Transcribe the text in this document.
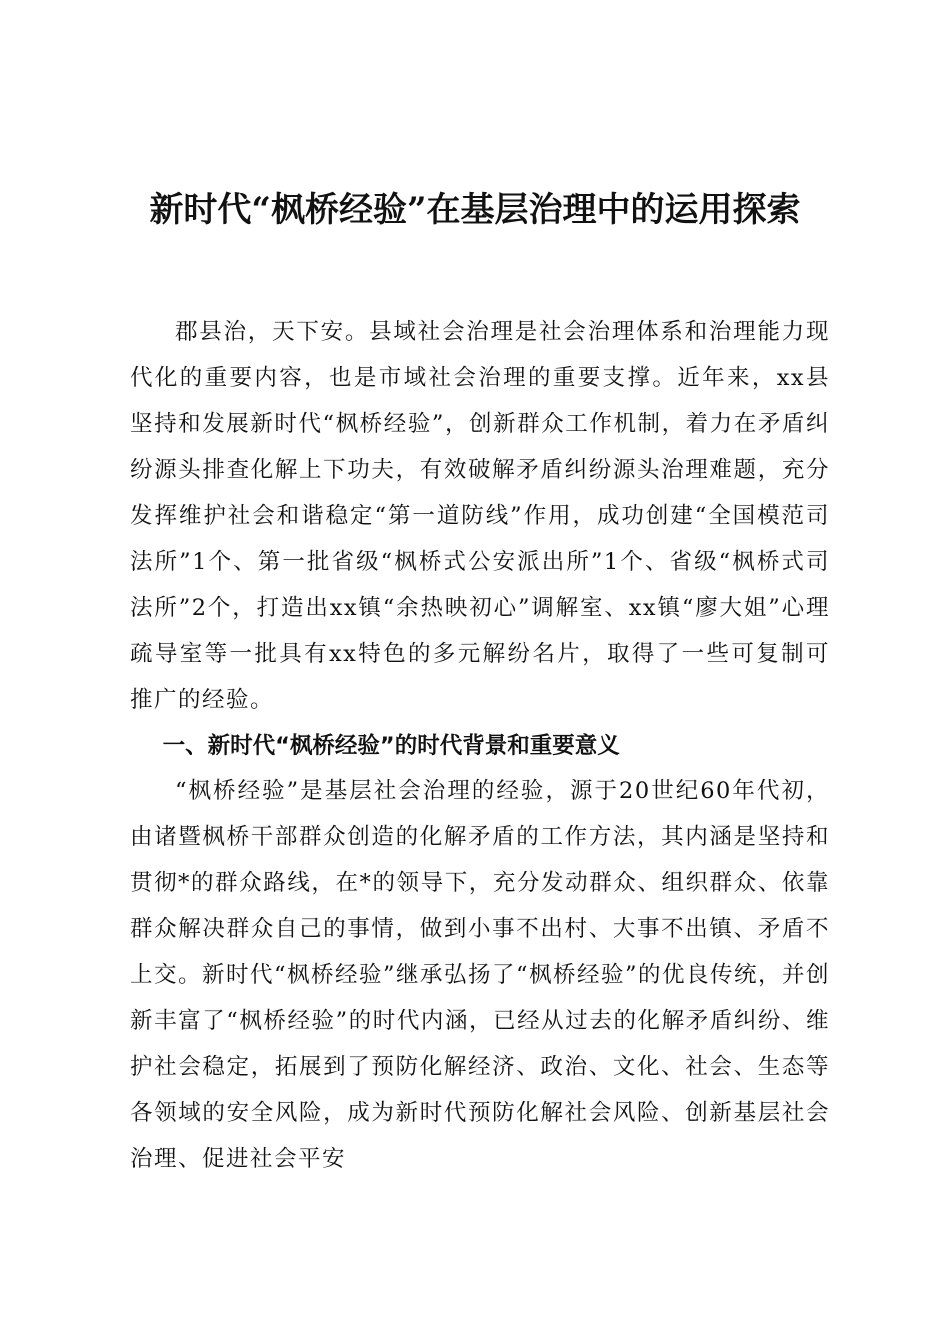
新时代“枫桥经验”在基层治理中的运用探索

郡县治，天下安。县域社会治理是社会治理体系和治理能力现代化的重要内容，也是市域社会治理的重要支撑。近年来，xx县坚持和发展新时代“枫桥经验”，创新群众工作机制，着力在矛盾纠纷源头排查化解上下功夫，有效破解矛盾纠纷源头治理难题，充分发挥维护社会和谐稳定“第一道防线”作用，成功创建“全国模范司法所”1个、第一批省级“枫桥式公安派出所”1个、省级“枫桥式司法所”2个，打造出xx镇“余热映初心”调解室、xx镇“廖大姐”心理疏导室等一批具有xx特色的多元解纷名片，取得了一些可复制可推广的经验。

一、新时代“枫桥经验”的时代背景和重要意义

“枫桥经验”是基层社会治理的经验，源于20世纪60年代初，由诸暨枫桥干部群众创造的化解矛盾的工作方法，其内涵是坚持和贯彻*的群众路线，在*的领导下，充分发动群众、组织群众、依靠群众解决群众自己的事情，做到小事不出村、大事不出镇、矛盾不上交。新时代“枫桥经验”继承弘扬了“枫桥经验”的优良传统，并创新丰富了“枫桥经验”的时代内涵，已经从过去的化解矛盾纠纷、维护社会稳定，拓展到了预防化解经济、政治、文化、社会、生态等各领域的安全风险，成为新时代预防化解社会风险、创新基层社会治理、促进社会平安
